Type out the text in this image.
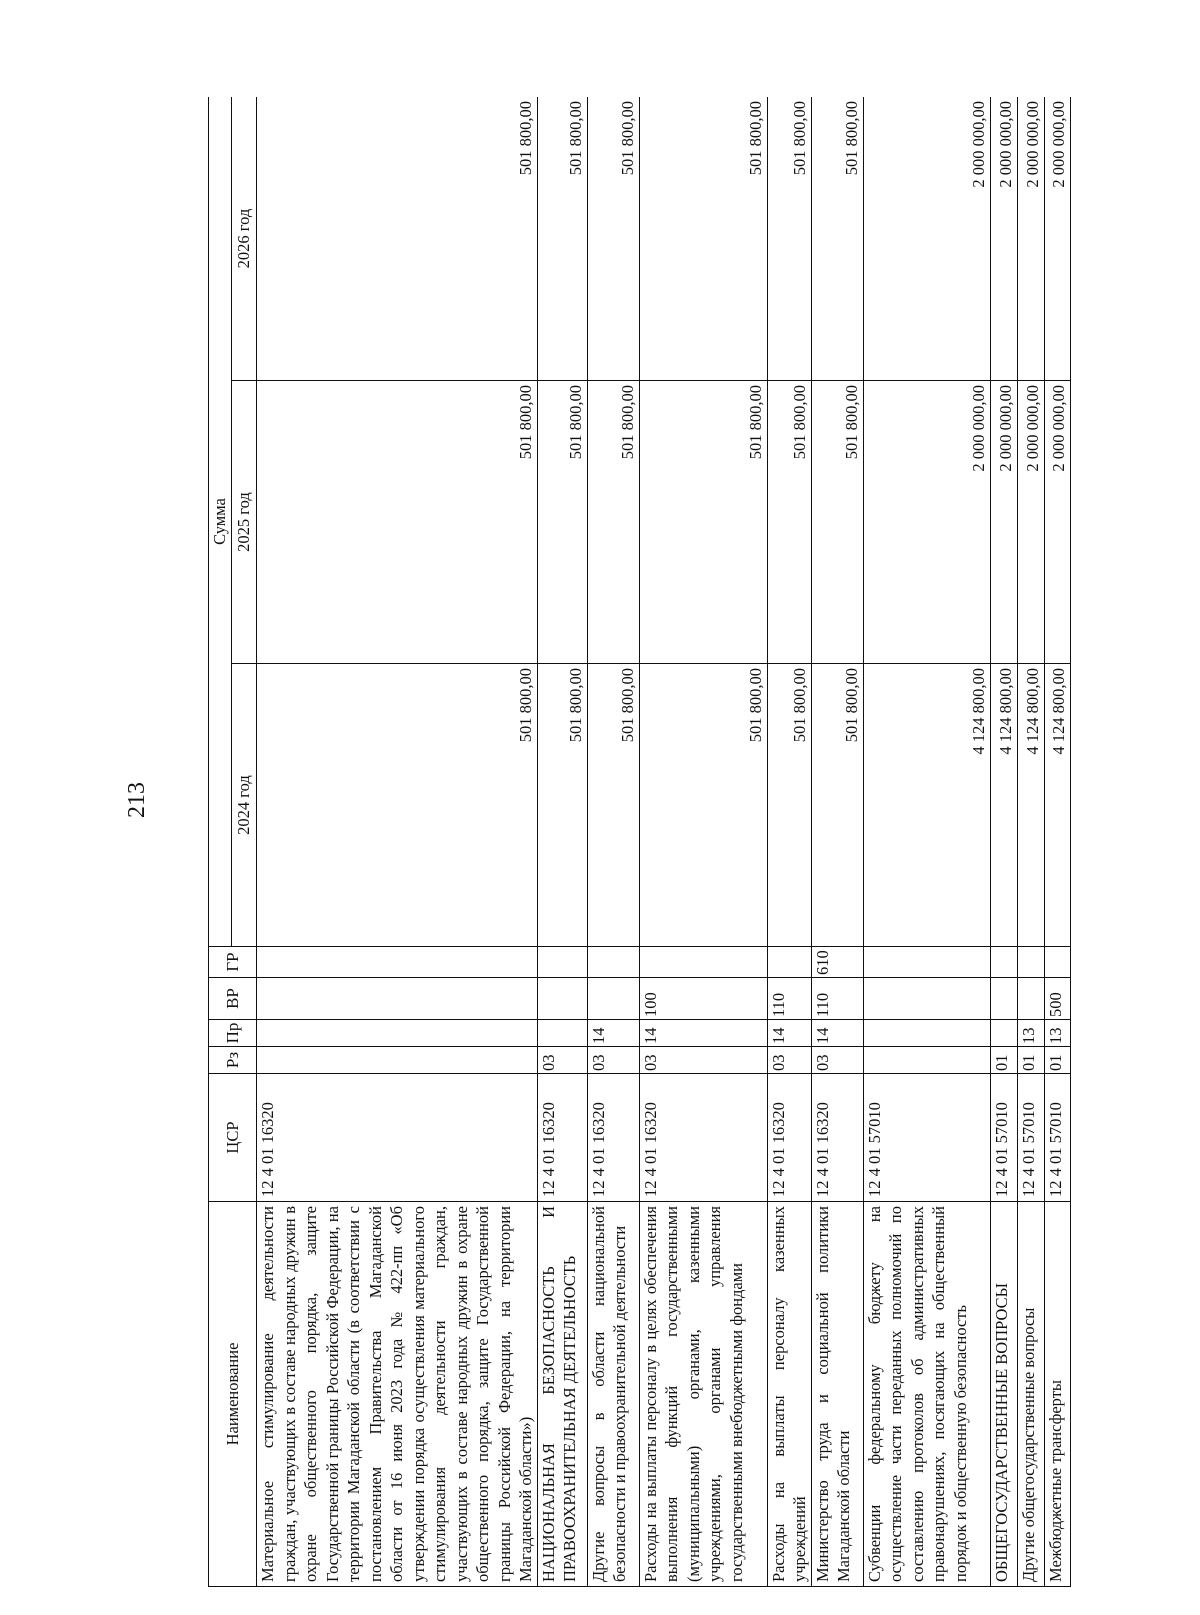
213
Наименование	ЦСР	Рз	Пр	ВР	ГР	Сумма		
						2024 год	2025 год	2026 год
Материальное стимулирование деятельности граждан, участвующих в составе народных дружин в охране общественного порядка, защите Государственной границы Российской Федерации, на территории Магаданской области (в соответствии с постановлением Правительства Магаданской области от 16 июня 2023 года № 422-пп «Об утверждении порядка осуществления материального стимулирования деятельности граждан, участвующих в составе народных дружин в охране общественного порядка, защите Государственной границы Российской Федерации, на территории Магаданской области»)	12 4 01 16320					501 800,00	501 800,00	501 800,00
НАЦИОНАЛЬНАЯ БЕЗОПАСНОСТЬ И ПРАВООХРАНИТЕЛЬНАЯ ДЕЯТЕЛЬНОСТЬ	12 4 01 16320	03				501 800,00	501 800,00	501 800,00
Другие вопросы в области национальной безопасности и правоохранительной деятельности	12 4 01 16320	03	14			501 800,00	501 800,00	501 800,00
Расходы на выплаты персоналу в целях обеспечения выполнения функций государственными (муниципальными) органами, казенными учреждениями, органами управления государственными внебюджетными фондами	12 4 01 16320	03	14	100		501 800,00	501 800,00	501 800,00
Расходы на выплаты персоналу казенных учреждений	12 4 01 16320	03	14	110		501 800,00	501 800,00	501 800,00
Министерство труда и социальной политики Магаданской области	12 4 01 16320	03	14	110	610	501 800,00	501 800,00	501 800,00
Субвенции федеральному бюджету на осуществление части переданных полномочий по составлению протоколов об административных правонарушениях, посягающих на общественный порядок и общественную безопасность	12 4 01 57010					4 124 800,00	2 000 000,00	2 000 000,00
ОБЩЕГОСУДАРСТВЕННЫЕ ВОПРОСЫ	12 4 01 57010	01				4 124 800,00	2 000 000,00	2 000 000,00
Другие общегосударственные вопросы	12 4 01 57010	01	13			4 124 800,00	2 000 000,00	2 000 000,00
Межбюджетные трансферты	12 4 01 57010	01	13	500		4 124 800,00	2 000 000,00	2 000 000,00
